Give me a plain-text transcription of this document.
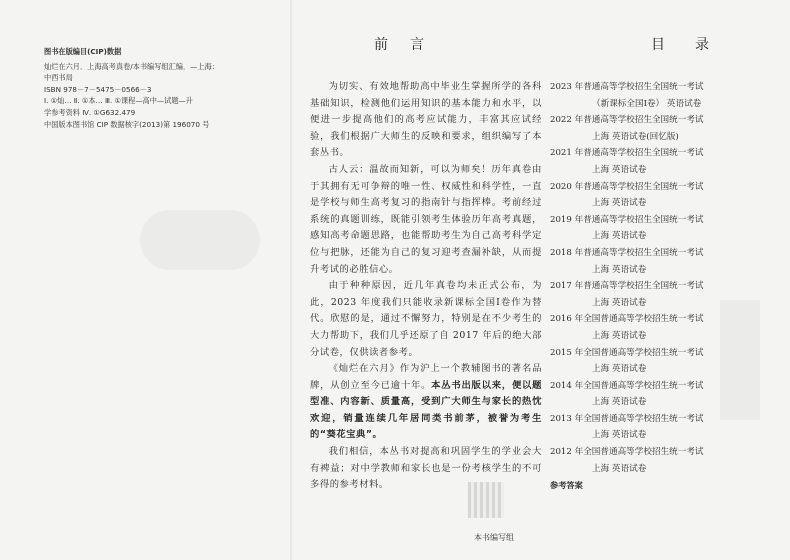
图书在版编目(CIP)数据
灿烂在六月．上海高考真卷/本书编写组汇编．—上海：
中西书局
ISBN 978－7－5475－0566－3
Ⅰ. ①灿… Ⅱ. ①本… Ⅲ. ①课程—高中—试题—升
学参考资料 Ⅳ. ①G632.479
中国版本图书馆 CIP 数据核字(2013)第 196070 号
前言

为切实、有效地帮助高中毕业生掌握所学的各科基础知识，检测他们运用知识的基本能力和水平，以便进一步提高他们的高考应试能力，丰富其应试经验，我们根据广大师生的反映和要求，组织编写了本套丛书。

古人云：温故而知新，可以为师矣！历年真卷由于其拥有无可争辩的唯一性、权威性和科学性，一直是学校与师生高考复习的指南针与指挥棒。考前经过系统的真题训练，既能引领考生体验历年高考真题，感知高考命题思路，也能帮助考生为自己高考科学定位与把脉，还能为自己的复习迎考查漏补缺，从而提升考试的必胜信心。

由于种种原因，近几年真卷均未正式公布，为此，2023 年度我们只能收录新课标全国Ⅰ卷作为替代。欣慰的是，通过不懈努力，特别是在不少考生的大力帮助下，我们几乎还原了自 2017 年后的绝大部分试卷，仅供读者参考。

《灿烂在六月》作为沪上一个教辅图书的著名品牌，从创立至今已逾十年。本丛书出版以来，便以题型准、内容新、质量高，受到广大师生与家长的热忱欢迎，销量连续几年居同类书前茅，被誉为考生的“葵花宝典”。

我们相信，本丛书对提高和巩固学生的学业会大有裨益；对中学教师和家长也是一份考核学生的不可多得的参考材料。

本书编写组
目录
2023 年普通高等学校招生全国统一考试
（新课标全国Ⅰ卷） 英语试卷
2022 年普通高等学校招生全国统一考试
上海 英语试卷(回忆版)
2021 年普通高等学校招生全国统一考试
上海 英语试卷
2020 年普通高等学校招生全国统一考试
上海 英语试卷
2019 年普通高等学校招生全国统一考试
上海 英语试卷
2018 年普通高等学校招生全国统一考试
上海 英语试卷
2017 年普通高等学校招生全国统一考试
上海 英语试卷
2016 年全国普通高等学校招生统一考试
上海 英语试卷
2015 年全国普通高等学校招生统一考试
上海 英语试卷
2014 年全国普通高等学校招生统一考试
上海 英语试卷
2013 年全国普通高等学校招生统一考试
上海 英语试卷
2012 年全国普通高等学校招生统一考试
上海 英语试卷
参考答案
